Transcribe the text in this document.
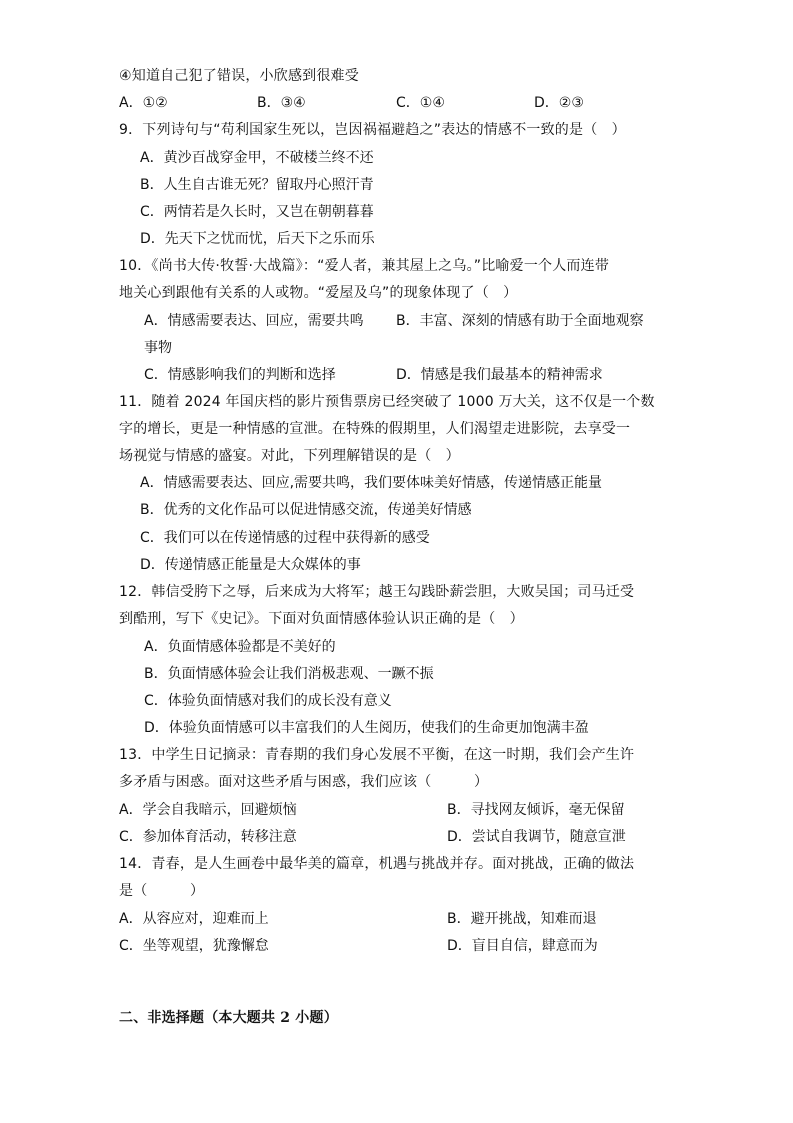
④知道自己犯了错误，小欣感到很难受
A．①②	B．③④	C．①④	D．②③
9．下列诗句与“苟利国家生死以，岂因祸福避趋之”表达的情感不一致的是（　）
A．黄沙百战穿金甲，不破楼兰终不还
B．人生自古谁无死？留取丹心照汗青
C．两情若是久长时，又岂在朝朝暮暮
D．先天下之忧而忧，后天下之乐而乐
10．《尚书大传·牧誓·大战篇》：“爱人者，兼其屋上之乌。”比喻爱一个人而连带
地关心到跟他有关系的人或物。“爱屋及乌”的现象体现了（　）
A．情感需要表达、回应，需要共鸣 B．丰富、深刻的情感有助于全面地观察
事物
C．情感影响我们的判断和选择	D．情感是我们最基本的精神需求
11．随着 2024 年国庆档的影片预售票房已经突破了 1000 万大关，这不仅是一个数
字的增长，更是一种情感的宣泄。在特殊的假期里，人们渴望走进影院，去享受一
场视觉与情感的盛宴。对此，下列理解错误的是（　）
A．情感需要表达、回应,需要共鸣，我们要体味美好情感，传递情感正能量
B．优秀的文化作品可以促进情感交流，传递美好情感
C．我们可以在传递情感的过程中获得新的感受
D．传递情感正能量是大众媒体的事
12．韩信受胯下之辱，后来成为大将军；越王勾践卧薪尝胆，大败吴国；司马迁受
到酷刑，写下《史记》。下面对负面情感体验认识正确的是（　）
A．负面情感体验都是不美好的
B．负面情感体验会让我们消极悲观、一蹶不振
C．体验负面情感对我们的成长没有意义
D．体验负面情感可以丰富我们的人生阅历，使我们的生命更加饱满丰盈
13．中学生日记摘录：青春期的我们身心发展不平衡，在这一时期，我们会产生许
多矛盾与困惑。面对这些矛盾与困惑，我们应该（　　　）
A．学会自我暗示，回避烦恼	B．寻找网友倾诉，毫无保留
C．参加体育活动，转移注意	D．尝试自我调节，随意宣泄
14．青春，是人生画卷中最华美的篇章，机遇与挑战并存。面对挑战，正确的做法
是（　　　）
A．从容应对，迎难而上	B．避开挑战，知难而退
C．坐等观望，犹豫懈怠	D．盲目自信，肆意而为
二、非选择题（本大题共 2 小题）
